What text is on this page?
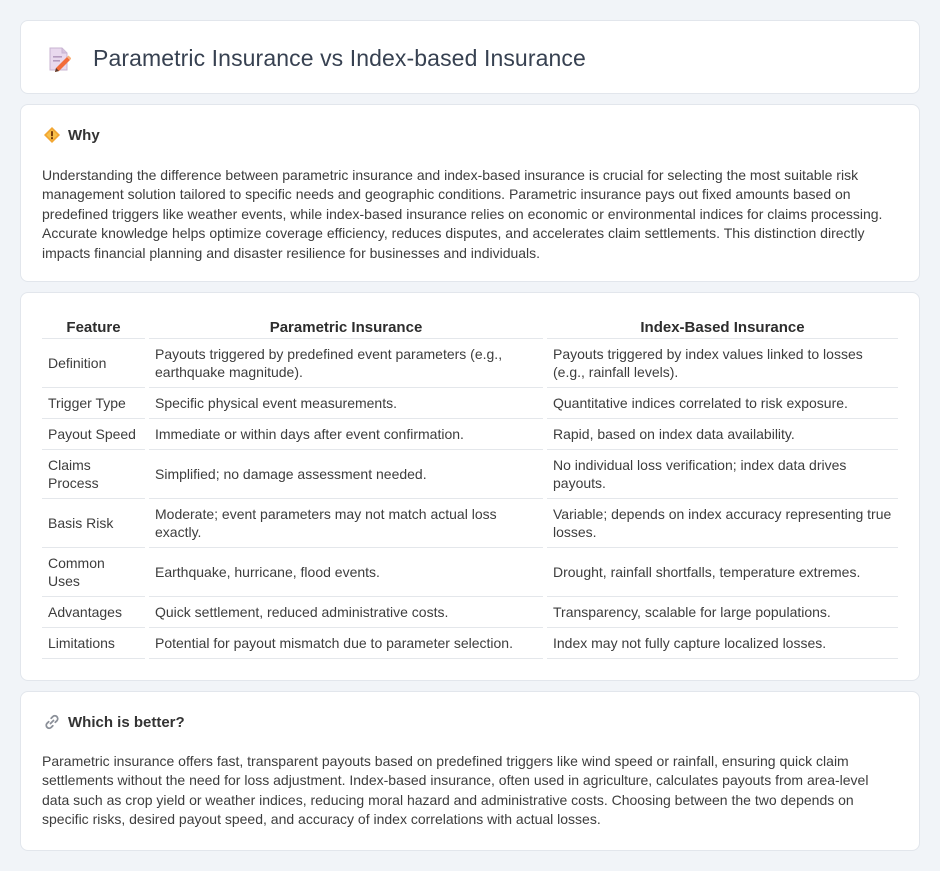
Parametric Insurance vs Index-based Insurance
Why

Understanding the difference between parametric insurance and index-based insurance is crucial for selecting the most suitable risk management solution tailored to specific needs and geographic conditions. Parametric insurance pays out fixed amounts based on predefined triggers like weather events, while index-based insurance relies on economic or environmental indices for claims processing. Accurate knowledge helps optimize coverage efficiency, reduces disputes, and accelerates claim settlements. This distinction directly impacts financial planning and disaster resilience for businesses and individuals.

Feature	Parametric Insurance	Index-Based Insurance
Definition	Payouts triggered by predefined event parameters (e.g., earthquake magnitude).	Payouts triggered by index values linked to losses (e.g., rainfall levels).
Trigger Type	Specific physical event measurements.	Quantitative indices correlated to risk exposure.
Payout Speed	Immediate or within days after event confirmation.	Rapid, based on index data availability.
Claims Process	Simplified; no damage assessment needed.	No individual loss verification; index data drives payouts.
Basis Risk	Moderate; event parameters may not match actual loss exactly.	Variable; depends on index accuracy representing true losses.
Common Uses	Earthquake, hurricane, flood events.	Drought, rainfall shortfalls, temperature extremes.
Advantages	Quick settlement, reduced administrative costs.	Transparency, scalable for large populations.
Limitations	Potential for payout mismatch due to parameter selection.	Index may not fully capture localized losses.
Which is better?

Parametric insurance offers fast, transparent payouts based on predefined triggers like wind speed or rainfall, ensuring quick claim settlements without the need for loss adjustment. Index-based insurance, often used in agriculture, calculates payouts from area-level data such as crop yield or weather indices, reducing moral hazard and administrative costs. Choosing between the two depends on specific risks, desired payout speed, and accuracy of index correlations with actual losses.
